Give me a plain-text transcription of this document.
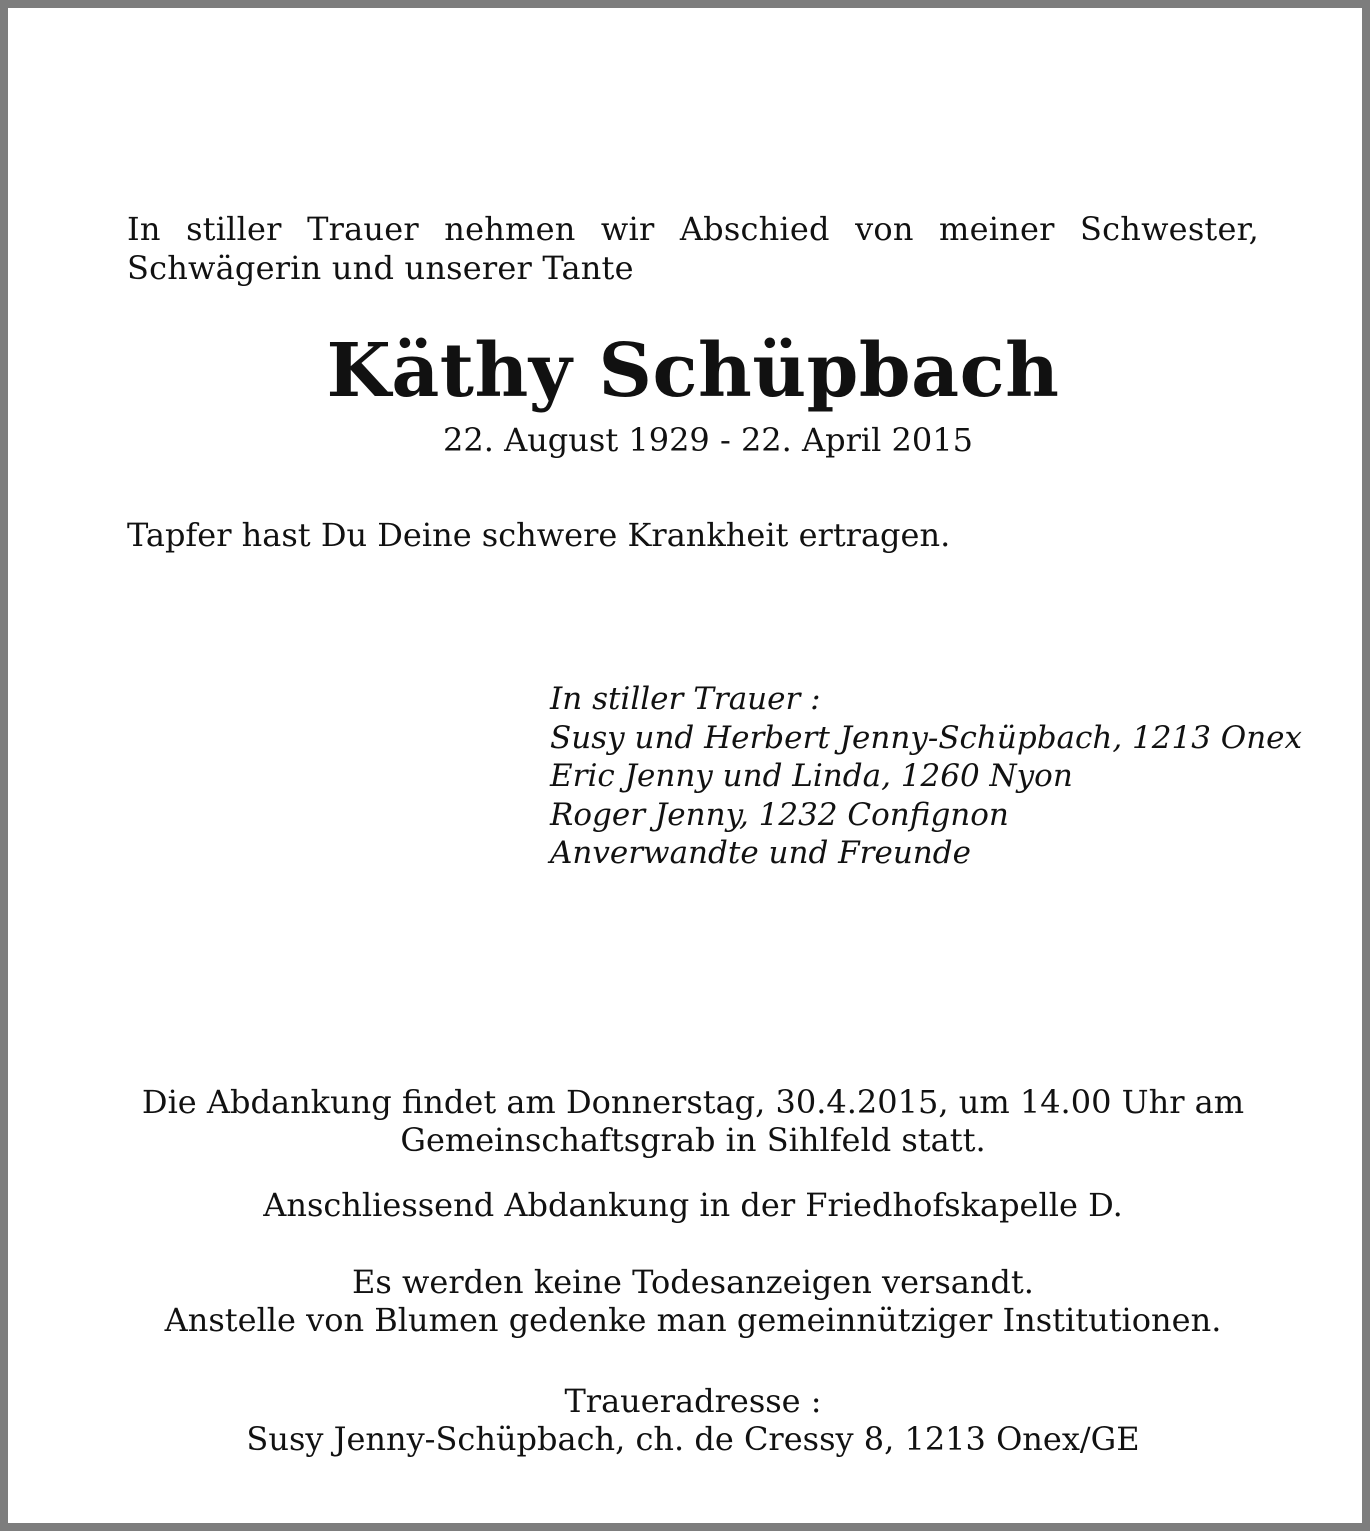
In stiller Trauer nehmen wir Abschied von meiner Schwester,
Schwägerin und unserer Tante

Käthy Schüpbach

22. August 1929 - 22. April 2015

Tapfer hast Du Deine schwere Krankheit ertragen.

In stiller Trauer :
Susy und Herbert Jenny-Schüpbach, 1213 Onex
Eric Jenny und Linda, 1260 Nyon
Roger Jenny, 1232 Confignon
Anverwandte und Freunde

Die Abdankung findet am Donnerstag, 30.4.2015, um 14.00 Uhr am
Gemeinschaftsgrab in Sihlfeld statt.

Anschliessend Abdankung in der Friedhofskapelle D.

Es werden keine Todesanzeigen versandt.
Anstelle von Blumen gedenke man gemeinnütziger Institutionen.

Traueradresse :
Susy Jenny-Schüpbach, ch. de Cressy 8, 1213 Onex/GE
